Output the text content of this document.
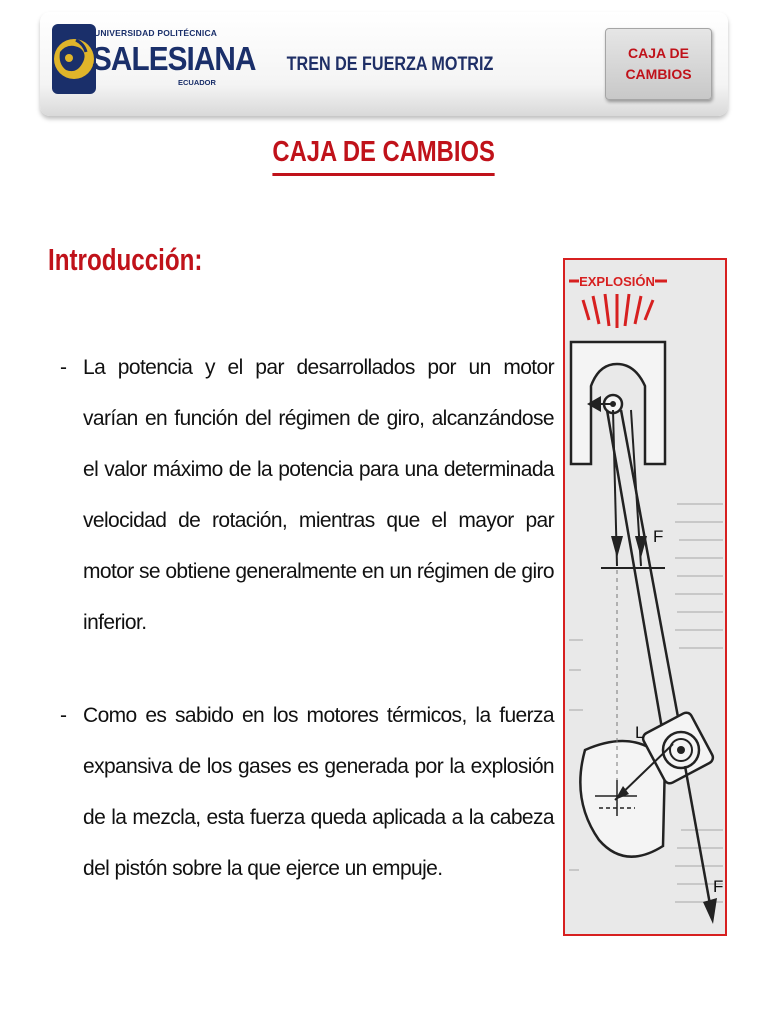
UNIVERSIDAD POLITÉCNICA
SALESIANA
ECUADOR
TREN DE FUERZA MOTRIZ
CAJA DE
CAMBIOS
CAJA DE CAMBIOS
Introducción:
- La potencia y el par desarrollados por un motor varían en función del régimen de giro, alcanzándose el valor máximo de la potencia para una determinada velocidad de rotación, mientras que el mayor par motor se obtiene generalmente en un régimen de giro inferior.
- Como es sabido en los motores térmicos, la fuerza expansiva de los gases es generada por la explosión de la mezcla, esta fuerza queda aplicada a la cabeza del pistón sobre la que ejerce un empuje.
EXPLOSIÓN
F
L
F
